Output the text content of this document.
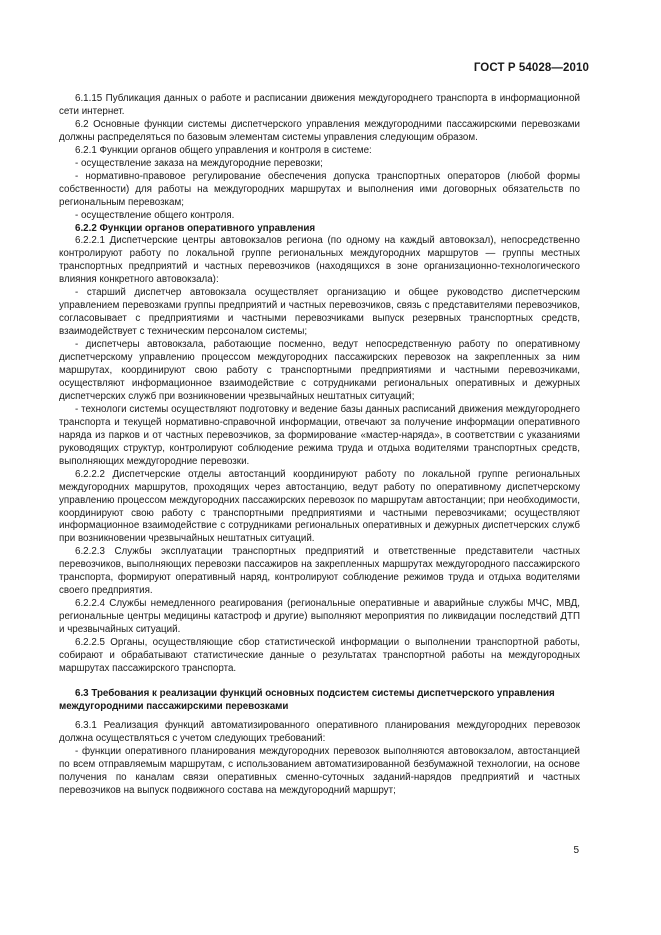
ГОСТ Р 54028—2010

6.1.15 Публикация данных о работе и расписании движения междугороднего транспорта в информационной сети интернет.

6.2 Основные функции системы диспетчерского управления междугородними пассажирскими перевозками должны распределяться по базовым элементам системы управления следующим образом.

6.2.1 Функции органов общего управления и контроля в системе:

- осуществление заказа на междугородние перевозки;

- нормативно-правовое регулирование обеспечения допуска транспортных операторов (любой формы собственности) для работы на междугородних маршрутах и выполнения ими договорных обязательств по региональным перевозкам;

- осуществление общего контроля.

6.2.2 Функции органов оперативного управления

6.2.2.1 Диспетчерские центры автовокзалов региона (по одному на каждый автовокзал), непосредственно контролируют работу по локальной группе региональных междугородних маршрутов — группы местных транспортных предприятий и частных перевозчиков (находящихся в зоне организационно-технологического влияния конкретного автовокзала):

- старший диспетчер автовокзала осуществляет организацию и общее руководство диспетчерским управлением перевозками группы предприятий и частных перевозчиков, связь с представителями перевозчиков, согласовывает с предприятиями и частными перевозчиками выпуск резервных транспортных средств, взаимодействует с техническим персоналом системы;

- диспетчеры автовокзала, работающие посменно, ведут непосредственную работу по оперативному диспетчерскому управлению процессом междугородних пассажирских перевозок на закрепленных за ним маршрутах, координируют свою работу с транспортными предприятиями и частными перевозчиками, осуществляют информационное взаимодействие с сотрудниками региональных оперативных и дежурных диспетчерских служб при возникновении чрезвычайных нештатных ситуаций;

- технологи системы осуществляют подготовку и ведение базы данных расписаний движения междугороднего транспорта и текущей нормативно-справочной информации, отвечают за получение информации оперативного наряда из парков и от частных перевозчиков, за формирование «мастер-наряда», в соответствии с указаниями руководящих структур, контролируют соблюдение режима труда и отдыха водителями транспортных средств, выполняющих междугородние перевозки.

6.2.2.2 Диспетчерские отделы автостанций координируют работу по локальной группе региональных междугородних маршрутов, проходящих через автостанцию, ведут работу по оперативному диспетчерскому управлению процессом междугородних пассажирских перевозок по маршрутам автостанции; при необходимости, координируют свою работу с транспортными предприятиями и частными перевозчиками; осуществляют информационное взаимодействие с сотрудниками региональных оперативных и дежурных диспетчерских служб при возникновении чрезвычайных нештатных ситуаций.

6.2.2.3 Службы эксплуатации транспортных предприятий и ответственные представители частных перевозчиков, выполняющих перевозки пассажиров на закрепленных маршрутах междугородного пассажирского транспорта, формируют оперативный наряд, контролируют соблюдение режимов труда и отдыха водителями своего предприятия.

6.2.2.4 Службы немедленного реагирования (региональные оперативные и аварийные службы МЧС, МВД, региональные центры медицины катастроф и другие) выполняют мероприятия по ликвидации последствий ДТП и чрезвычайных ситуаций.

6.2.2.5 Органы, осуществляющие сбор статистической информации о выполнении транспортной работы, собирают и обрабатывают статистические данные о результатах транспортной работы на междугородных маршрутах пассажирского транспорта.

6.3 Требования к реализации функций основных подсистем системы диспетчерского управления междугородними пассажирскими перевозками

6.3.1 Реализация функций автоматизированного оперативного планирования междугородних перевозок должна осуществляться с учетом следующих требований:

- функции оперативного планирования междугородних перевозок выполняются автовокзалом, автостанцией по всем отправляемым маршрутам, с использованием автоматизированной безбумажной технологии, на основе получения по каналам связи оперативных сменно-суточных заданий-нарядов предприятий и частных перевозчиков на выпуск подвижного состава на междугородний маршрут;

5
